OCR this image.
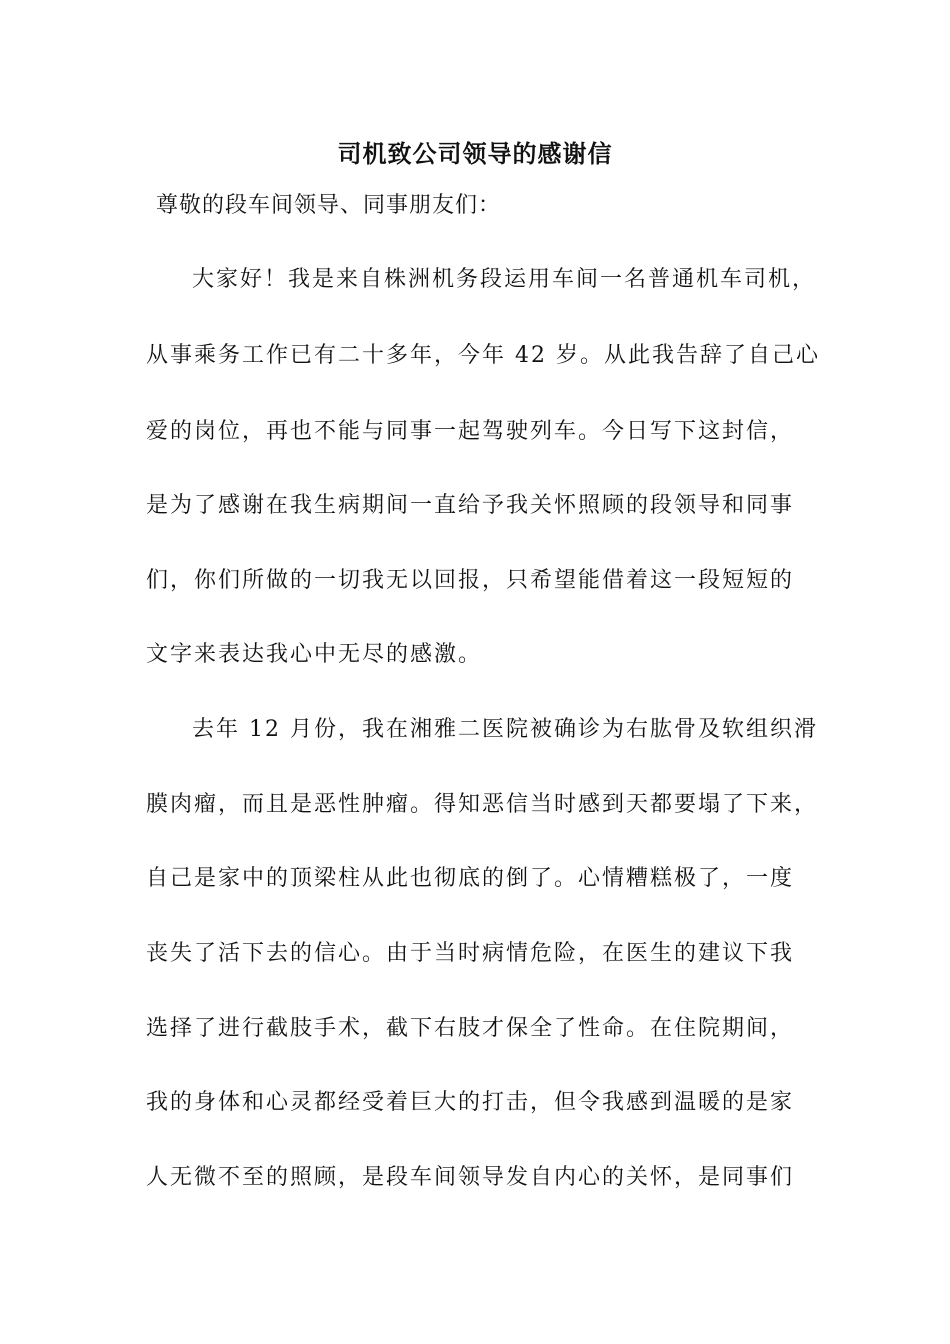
司机致公司领导的感谢信
尊敬的段车间领导、同事朋友们：
大家好！我是来自株洲机务段运用车间一名普通机车司机，
从事乘务工作已有二十多年，今年 42 岁。从此我告辞了自己心
爱的岗位，再也不能与同事一起驾驶列车。今日写下这封信，
是为了感谢在我生病期间一直给予我关怀照顾的段领导和同事
们，你们所做的一切我无以回报，只希望能借着这一段短短的
文字来表达我心中无尽的感激。
去年 12 月份，我在湘雅二医院被确诊为右肱骨及软组织滑
膜肉瘤，而且是恶性肿瘤。得知恶信当时感到天都要塌了下来，
自己是家中的顶梁柱从此也彻底的倒了。心情糟糕极了，一度
丧失了活下去的信心。由于当时病情危险，在医生的建议下我
选择了进行截肢手术，截下右肢才保全了性命。在住院期间，
我的身体和心灵都经受着巨大的打击，但令我感到温暖的是家
人无微不至的照顾，是段车间领导发自内心的关怀，是同事们
